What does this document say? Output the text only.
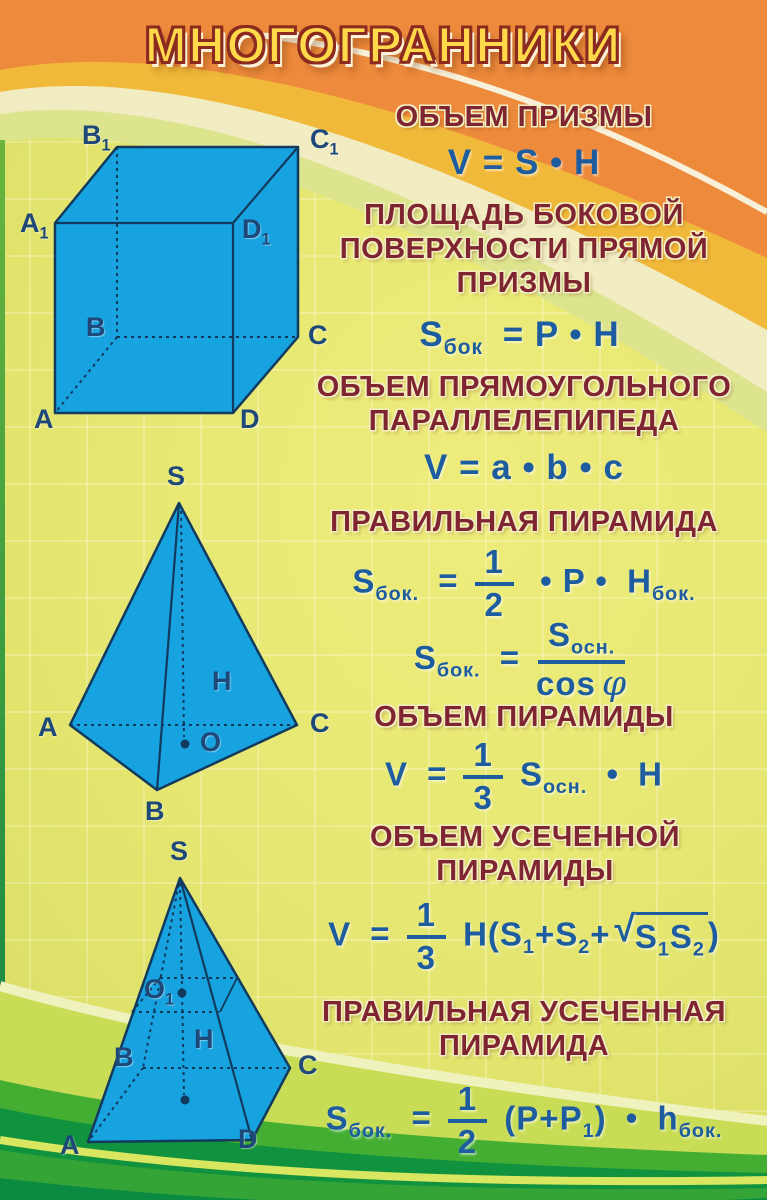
МНОГОГРАННИКИ
$B_1$	$C_1$
$A_1$	$D_1$
B	C
A	D
S
A	C
B
O
H
S
$O_1$
H
B	C
A	D
ОБЪЕМ ПРИЗМЫ
V = S • H
ПЛОЩАДЬ БОКОВОЙ ПОВЕРХНОСТИ ПРЯМОЙ ПРИЗМЫ
$S_{бок} = P$ • H
ОБЪЕМ ПРЯМОУГОЛЬНОГО ПАРАЛЛЕЛЕПИПЕДА
V = a • b • c
ПРАВИЛЬНАЯ ПИРАМИДА
$S_{бок.} = \frac{1}{2}$ • P • $H_{бок.}$
$S_{бок.} = \frac{S_{осн.}}{\text{cos φ}}$
ОБЪЕМ ПИРАМИДЫ
$V = \frac{1}{3} S_{осн.}$ • H
ОБЪЕМ УСЕЧЕННОЙ ПИРАМИДЫ
$V = \frac{1}{3} H(S_1+S_2+$ √ $S_1S_2$ )
ПРАВИЛЬНАЯ УСЕЧЕННАЯ ПИРАМИДА
$S_{бок.} = \frac{1}{2} (P+P_1)$ • $h_{бок.}$
